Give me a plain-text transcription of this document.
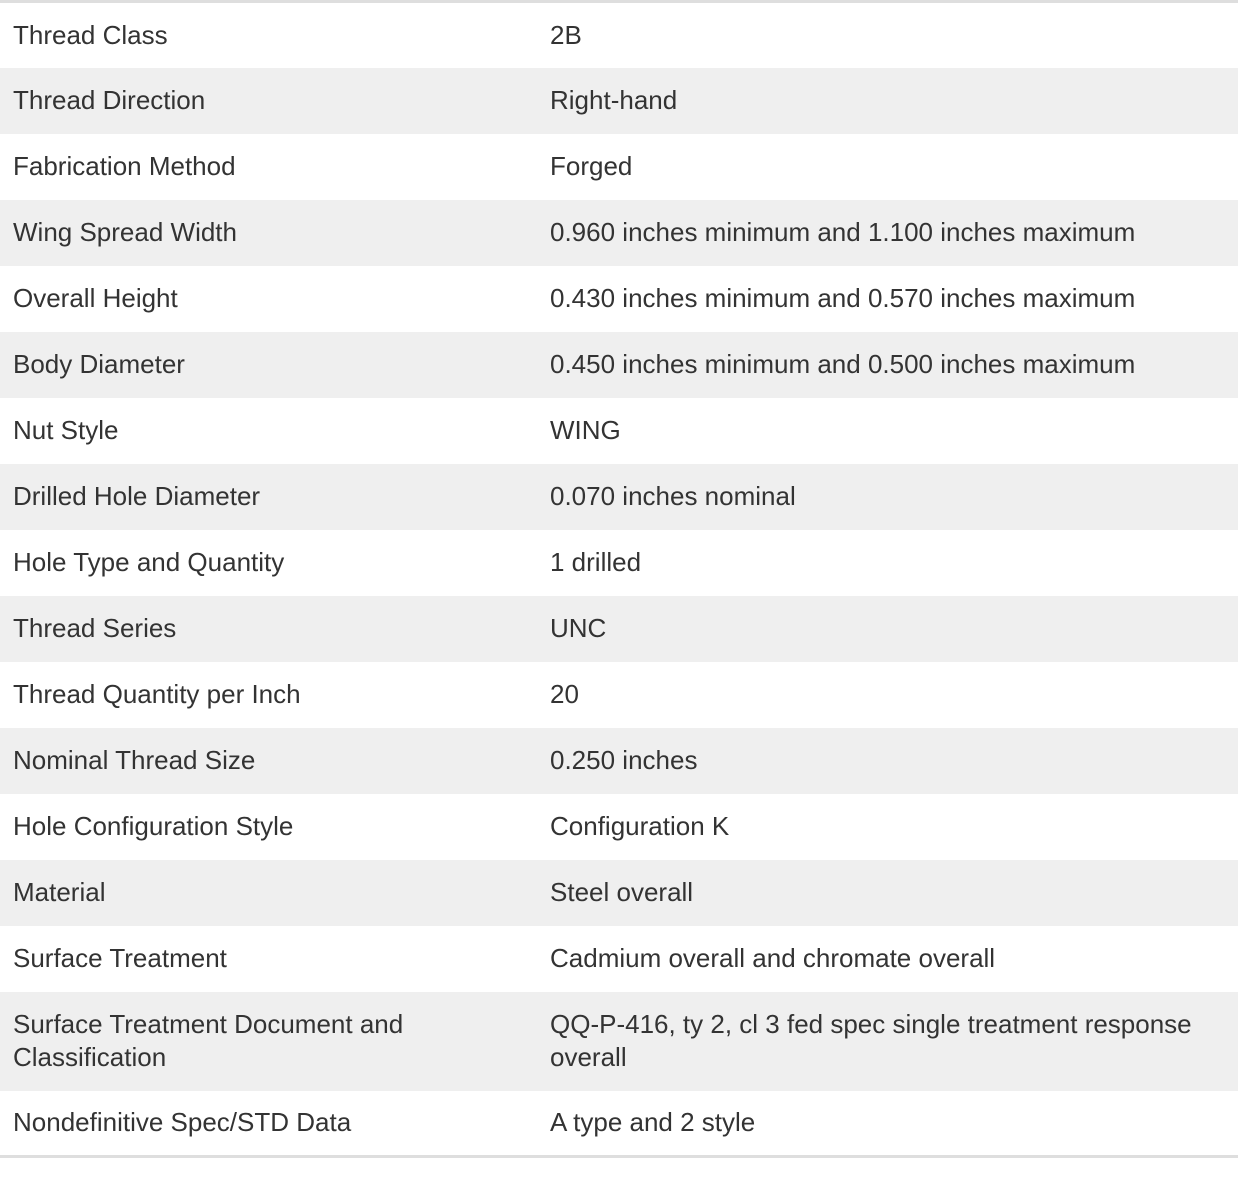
Thread Class	2B
Thread Direction	Right-hand
Fabrication Method	Forged
Wing Spread Width	0.960 inches minimum and 1.100 inches maximum
Overall Height	0.430 inches minimum and 0.570 inches maximum
Body Diameter	0.450 inches minimum and 0.500 inches maximum
Nut Style	WING
Drilled Hole Diameter	0.070 inches nominal
Hole Type and Quantity	1 drilled
Thread Series	UNC
Thread Quantity per Inch	20
Nominal Thread Size	0.250 inches
Hole Configuration Style	Configuration K
Material	Steel overall
Surface Treatment	Cadmium overall and chromate overall
Surface Treatment Document and Classification	QQ-P-416, ty 2, cl 3 fed spec single treatment response overall
Nondefinitive Spec/STD Data	A type and 2 style
